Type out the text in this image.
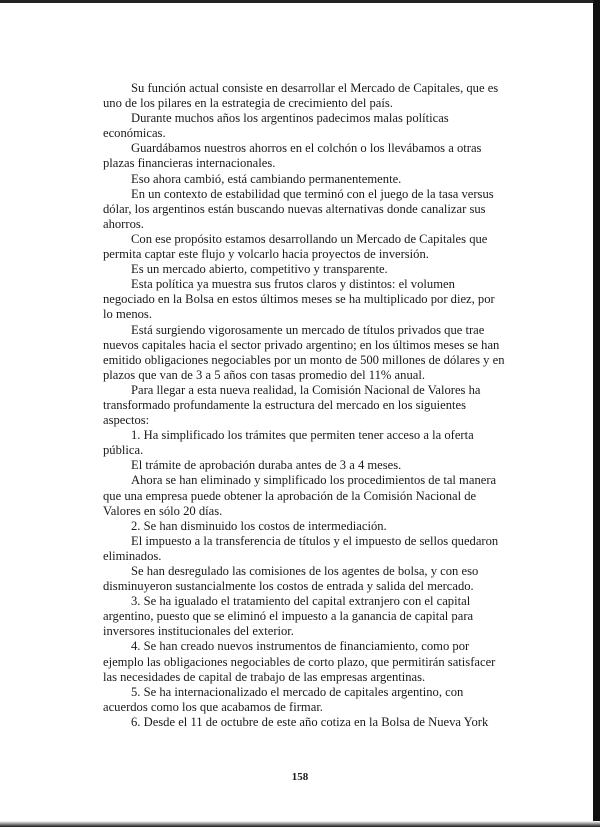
Su función actual consiste en desarrollar el Mercado de Capitales, que es uno de los pilares en la estrategia de crecimiento del país.

Durante muchos años los argentinos padecimos malas políticas económicas.

Guardábamos nuestros ahorros en el colchón o los llevábamos a otras plazas financieras internacionales.

Eso ahora cambió, está cambiando permanentemente.

En un contexto de estabilidad que terminó con el juego de la tasa versus dólar, los argentinos están buscando nuevas alternativas donde canalizar sus ahorros.

Con ese propósito estamos desarrollando un Mercado de Capitales que permita captar este flujo y volcarlo hacia proyectos de inversión.

Es un mercado abierto, competitivo y transparente.

Esta política ya muestra sus frutos claros y distintos: el volumen negociado en la Bolsa en estos últimos meses se ha multiplicado por diez, por lo menos.

Está surgiendo vigorosamente un mercado de títulos privados que trae nuevos capitales hacia el sector privado argentino; en los últimos meses se han emitido obligaciones negociables por un monto de 500 millones de dólares y en plazos que van de 3 a 5 años con tasas promedio del 11% anual.

Para llegar a esta nueva realidad, la Comisión Nacional de Valores ha transformado profundamente la estructura del mercado en los siguientes aspectos:

1. Ha simplificado los trámites que permiten tener acceso a la oferta pública.

El trámite de aprobación duraba antes de 3 a 4 meses.

Ahora se han eliminado y simplificado los procedimientos de tal manera que una empresa puede obtener la aprobación de la Comisión Nacional de Valores en sólo 20 días.

2. Se han disminuido los costos de intermediación.

El impuesto a la transferencia de títulos y el impuesto de sellos quedaron eliminados.

Se han desregulado las comisiones de los agentes de bolsa, y con eso disminuyeron sustancialmente los costos de entrada y salida del mercado.

3. Se ha igualado el tratamiento del capital extranjero con el capital argentino, puesto que se eliminó el impuesto a la ganancia de capital para inversores institucionales del exterior.

4. Se han creado nuevos instrumentos de financiamiento, como por ejemplo las obligaciones negociables de corto plazo, que permitirán satisfacer las necesidades de capital de trabajo de las empresas argentinas.

5. Se ha internacionalizado el mercado de capitales argentino, con acuerdos como los que acabamos de firmar.

6. Desde el 11 de octubre de este año cotiza en la Bolsa de Nueva York

158
